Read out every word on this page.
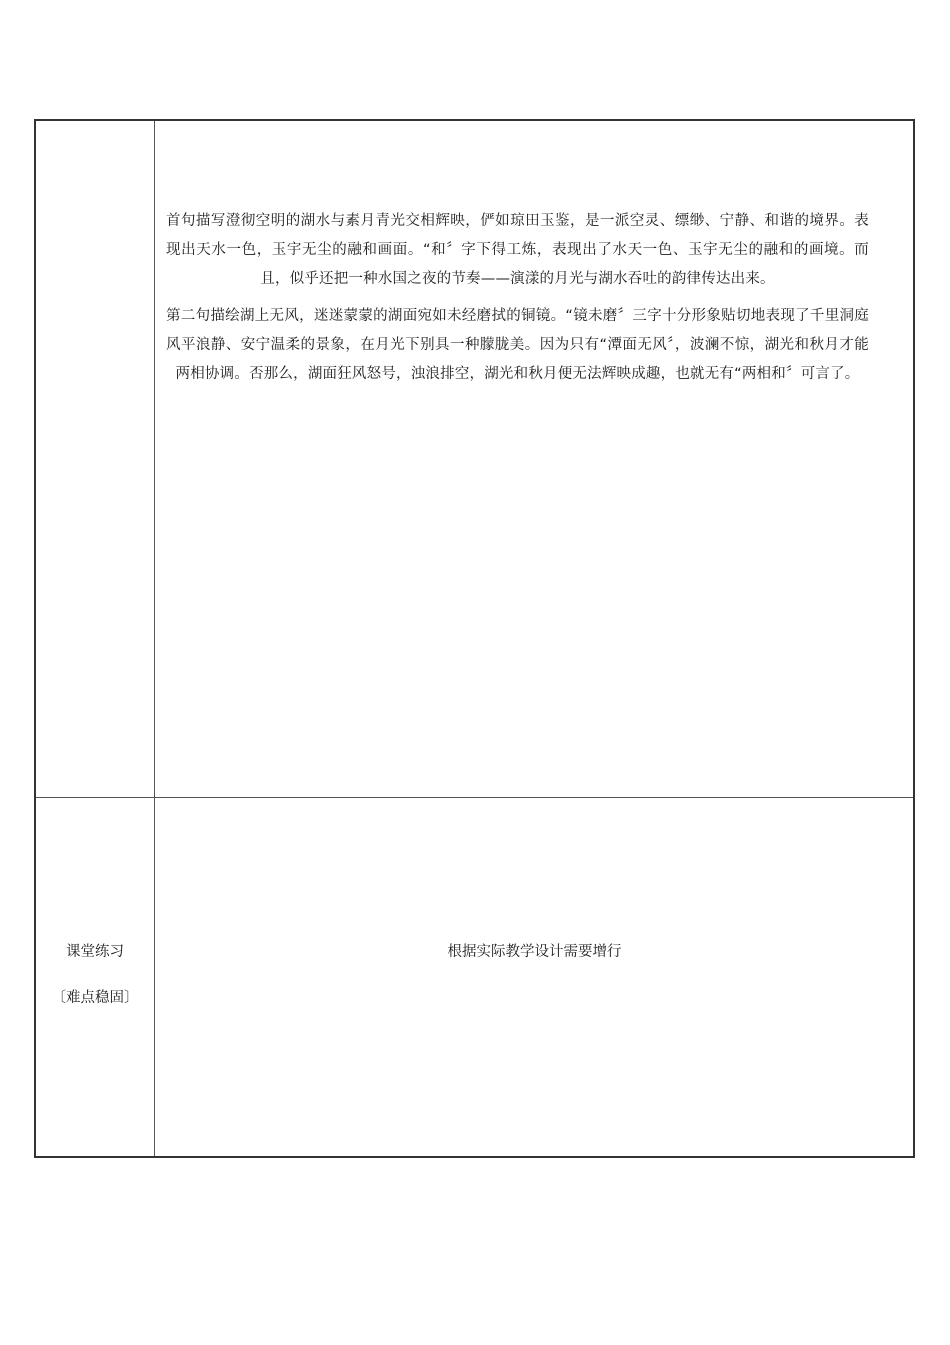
首句描写澄彻空明的湖水与素月青光交相辉映，俨如琼田玉鉴，是一派空灵、缥缈、宁静、和谐的境界。表现出天水一色，玉宇无尘的融和画面。“和〞字下得工炼，表现出了水天一色、玉宇无尘的融和的画境。而且，似乎还把一种水国之夜的节奏——演漾的月光与湖水吞吐的韵律传达出来。

第二句描绘湖上无风，迷迷蒙蒙的湖面宛如未经磨拭的铜镜。“镜未磨〞三字十分形象贴切地表现了千里洞庭风平浪静、安宁温柔的景象，在月光下别具一种朦胧美。因为只有“潭面无风〞，波澜不惊，湖光和秋月才能两相协调。否那么，湖面狂风怒号，浊浪排空，湖光和秋月便无法辉映成趣，也就无有“两相和〞可言了。

课堂练习
〔难点稳固〕
根据实际教学设计需要增行
